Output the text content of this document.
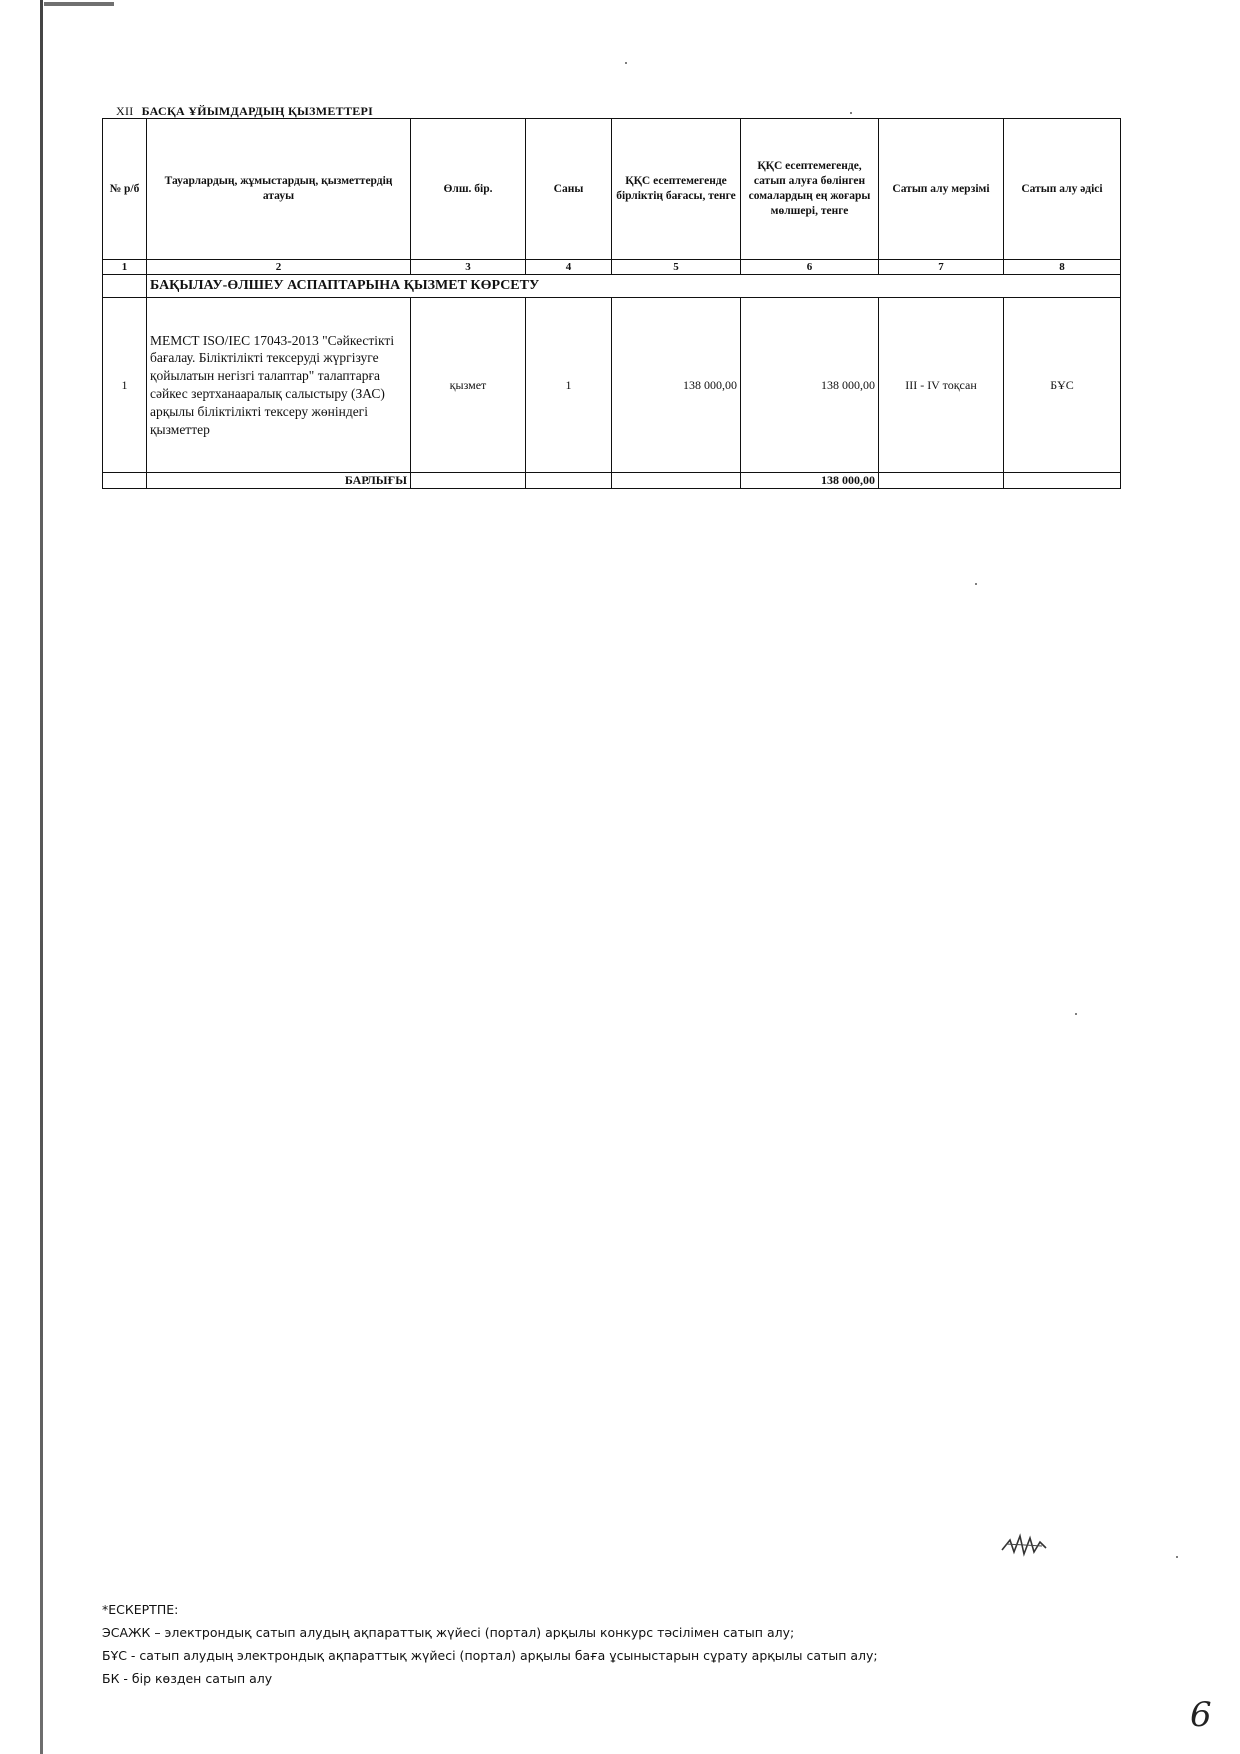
XII БАСҚА ҰЙЫМДАРДЫҢ ҚЫЗМЕТТЕРІ
№ р/б	Тауарлардың, жұмыстардың, қызметтердің атауы	Өлш. бір.	Саны	ҚҚС есептемегенде бірліктің бағасы, тенге	ҚҚС есептемегенде, сатып алуға бөлінген сомалардың ең жоғары мөлшері, тенге	Сатып алу мерзімі	Сатып алу әдісі
1	2	3	4	5	6	7	8
	БАҚЫЛАУ-ӨЛШЕУ АСПАПТАРЫНА ҚЫЗМЕТ КӨРСЕТУ						
1	МЕМСТ ISO/IEC 17043-2013 "Сәйкестікті бағалау. Біліктілікті тексеруді жүргізуге қойылатын негізгі талаптар" талаптарға сәйкес зертханааралық салыстыру (ЗАС) арқылы біліктілікті тексеру жөніндегі қызметтер	қызмет	1	138 000,00	138 000,00	III - IV тоқсан	БҰС
	БАРЛЫҒЫ				138 000,00		
*ЕСКЕРТПЕ:
ЭСАЖК – электрондық сатып алудың ақпараттық жүйесі (портал) арқылы конкурс тәсілімен сатып алу;
БҰС - сатып алудың электрондық ақпараттық жүйесі (портал) арқылы баға ұсыныстарын сұрату арқылы сатып алу;
БК - бір көзден сатып алу
6
